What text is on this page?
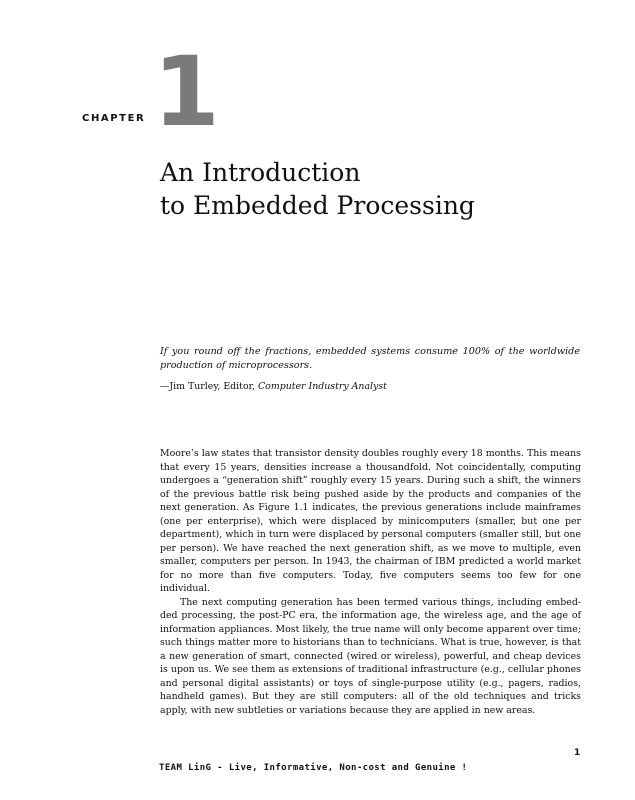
CHAPTER 1
An Introduction
to Embedded Processing

If you round off the fractions, embedded systems consume 100% of the worldwide production of microprocessors.

—Jim Turley, Editor, Computer Industry Analyst

Moore’s law states that transistor density doubles roughly every 18 months. This means that every 15 years, densities increase a thousandfold. Not coincidentally, computing undergoes a “generation shift” roughly every 15 years. During such a shift, the winners of the previous battle risk being pushed aside by the products and companies of the next generation. As Figure 1.1 indicates, the previous generations include mainframes (one per enterprise), which were displaced by minicomputers (smaller, but one per department), which in turn were displaced by personal computers (smaller still, but one per person). We have reached the next generation shift, as we move to multiple, even smaller, computers per person. In 1943, the chairman of IBM predicted a world market for no more than five computers. Today, five computers seems too few for one individual.

The next computing generation has been termed various things, including embedded processing, the post-PC era, the information age, the wireless age, and the age of information appliances. Most likely, the true name will only become apparent over time; such things matter more to historians than to technicians. What is true, however, is that a new generation of smart, connected (wired or wireless), powerful, and cheap devices is upon us. We see them as extensions of traditional infrastructure (e.g., cellular phones and personal digital assistants) or toys of single-purpose utility (e.g., pagers, radios, handheld games). But they are still computers: all of the old techniques and tricks apply, with new subtleties or variations because they are applied in new areas.

1
TEAM LinG - Live, Informative, Non-cost and Genuine !
